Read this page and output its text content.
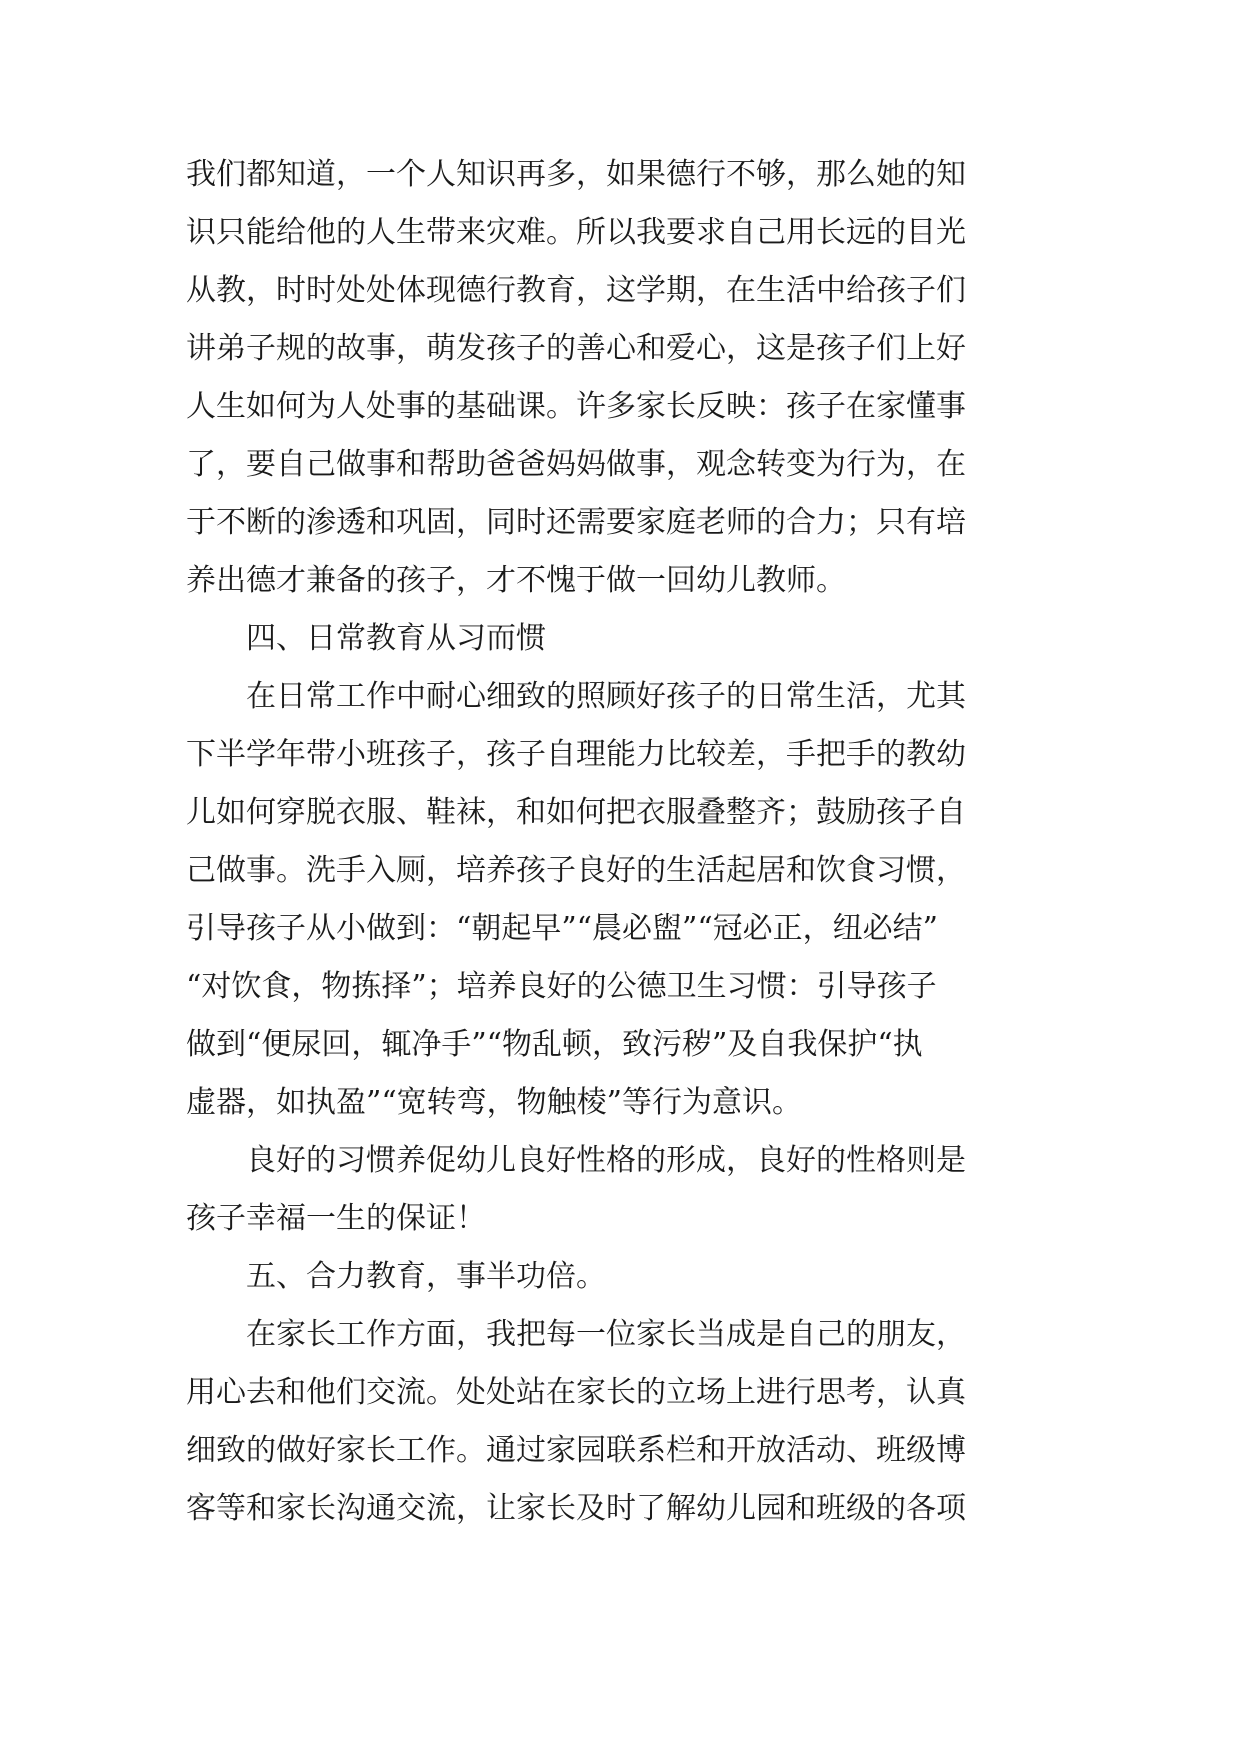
我们都知道，一个人知识再多，如果德行不够，那么她的知
识只能给他的人生带来灾难。所以我要求自己用长远的目光
从教，时时处处体现德行教育，这学期，在生活中给孩子们
讲弟子规的故事，萌发孩子的善心和爱心，这是孩子们上好
人生如何为人处事的基础课。许多家长反映：孩子在家懂事
了，要自己做事和帮助爸爸妈妈做事，观念转变为行为，在
于不断的渗透和巩固，同时还需要家庭老师的合力；只有培
养出德才兼备的孩子，才不愧于做一回幼儿教师。
　　四、日常教育从习而惯
　　在日常工作中耐心细致的照顾好孩子的日常生活，尤其
下半学年带小班孩子，孩子自理能力比较差，手把手的教幼
儿如何穿脱衣服、鞋袜，和如何把衣服叠整齐；鼓励孩子自
己做事。洗手入厕，培养孩子良好的生活起居和饮食习惯，
引导孩子从小做到：“朝起早”“晨必盥”“冠必正，纽必结”
“对饮食，物拣择”；培养良好的公德卫生习惯：引导孩子
做到“便尿回，辄净手”“物乱顿，致污秽”及自我保护“执
虚器，如执盈”“宽转弯，物触棱”等行为意识。
　　良好的习惯养促幼儿良好性格的形成，良好的性格则是
孩子幸福一生的保证！
　　五、合力教育，事半功倍。
　　在家长工作方面，我把每一位家长当成是自己的朋友，
用心去和他们交流。处处站在家长的立场上进行思考，认真
细致的做好家长工作。通过家园联系栏和开放活动、班级博
客等和家长沟通交流，让家长及时了解幼儿园和班级的各项
